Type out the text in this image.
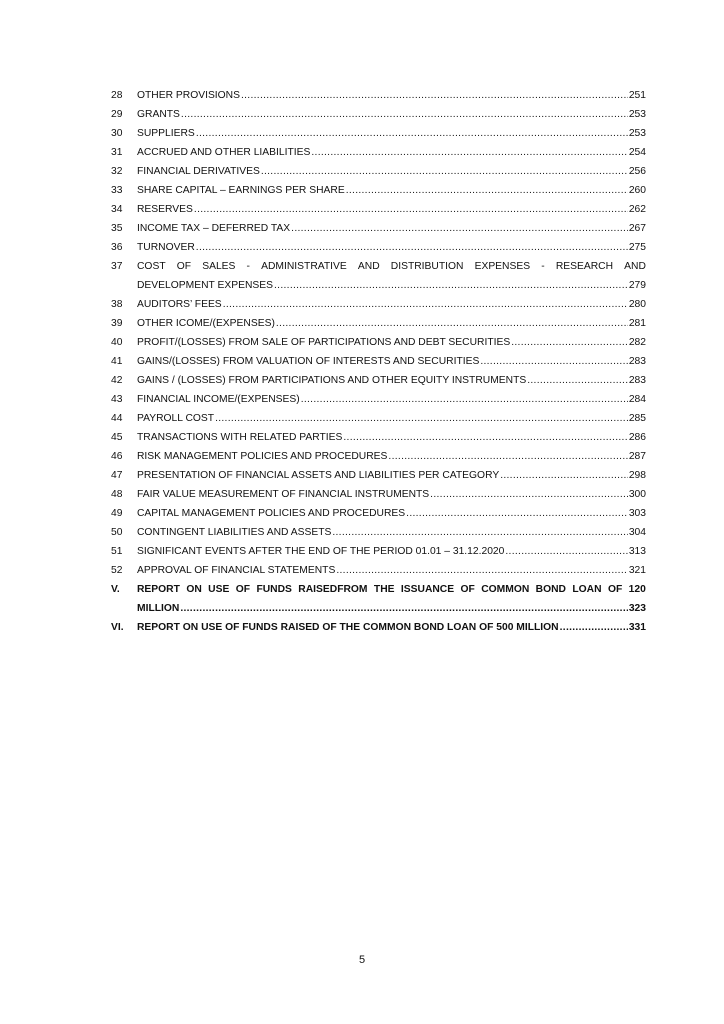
28	OTHER PROVISIONS .....	251
29	GRANTS .....	253
30	SUPPLIERS .....	253
31	ACCRUED AND OTHER LIABILITIES .....	254
32	FINANCIAL DERIVATIVES .....	256
33	SHARE CAPITAL – EARNINGS PER SHARE .....	260
34	RESERVES .....	262
35	INCOME TAX – DEFERRED TAX .....	267
36	TURNOVER .....	275
37	COST OF SALES - ADMINISTRATIVE AND DISTRIBUTION EXPENSES - RESEARCH AND
DEVELOPMENT EXPENSES .....	279
38	AUDITORS’ FEES .....	280
39	OTHER ICOME/(EXPENSES) .....	281
40	PROFIT/(LOSSES) FROM SALE OF PARTICIPATIONS AND DEBT SECURITIES .....	282
41	GAINS/(LOSSES) FROM VALUATION OF INTERESTS AND SECURITIES .....	283
42	GAINS / (LOSSES) FROM PARTICIPATIONS AND OTHER EQUITY INSTRUMENTS .....	283
43	FINANCIAL INCOME/(EXPENSES) .....	284
44	PAYROLL COST .....	285
45	TRANSACTIONS WITH RELATED PARTIES .....	286
46	RISK MANAGEMENT POLICIES AND PROCEDURES .....	287
47	PRESENTATION OF FINANCIAL ASSETS AND LIABILITIES PER CATEGORY .....	298
48	FAIR VALUE MEASUREMENT OF FINANCIAL INSTRUMENTS .....	300
49	CAPITAL MANAGEMENT POLICIES AND PROCEDURES .....	303
50	CONTINGENT LIABILITIES AND ASSETS .....	304
51	SIGNIFICANT EVENTS AFTER THE END OF THE PERIOD 01.01 – 31.12.2020 .....	313
52	APPROVAL OF FINANCIAL STATEMENTS .....	321
V.	REPORT ON USE OF FUNDS RAISEDFROM THE ISSUANCE OF COMMON BOND LOAN OF 120
MILLION .....	323
VI.	REPORT ON USE OF FUNDS RAISED OF THE COMMON BOND LOAN OF 500 MILLION .....	331
5
